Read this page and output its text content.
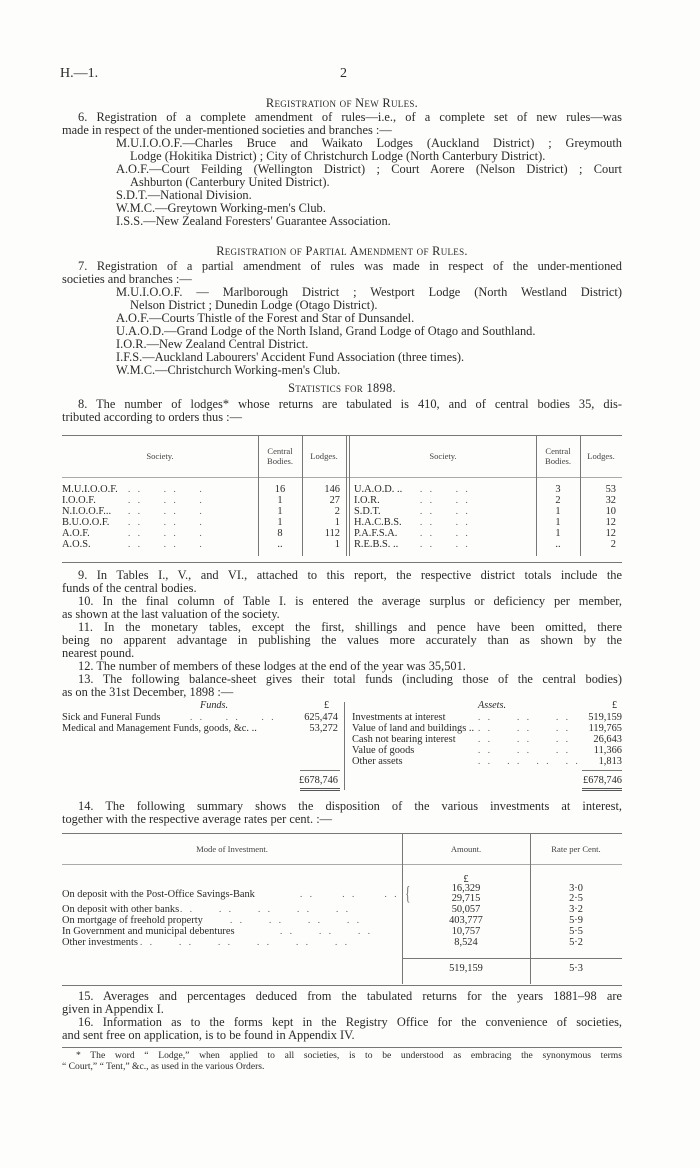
H.—1.	2
Registration of New Rules.
6. Registration of a complete amendment of rules—i.e., of a complete set of new rules—was
made in respect of the under-mentioned societies and branches :—
M.U.I.O.O.F.—Charles Bruce and Waikato Lodges (Auckland District) ; Greymouth
Lodge (Hokitika District) ; City of Christchurch Lodge (North Canterbury District).
A.O.F.—Court Feilding (Wellington District) ; Court Aorere (Nelson District) ; Court
Ashburton (Canterbury United District).
S.D.T.—National Division.
W.M.C.—Greytown Working-men's Club.
I.S.S.—New Zealand Foresters' Guarantee Association.
Registration of Partial Amendment of Rules.
7. Registration of a partial amendment of rules was made in respect of the under-mentioned
societies and branches :—
M.U.I.O.O.F. — Marlborough District ; Westport Lodge (North Westland District)
Nelson District ; Dunedin Lodge (Otago District).
A.O.F.—Courts Thistle of the Forest and Star of Dunsandel.
U.A.O.D.—Grand Lodge of the North Island, Grand Lodge of Otago and Southland.
I.O.R.—New Zealand Central District.
I.F.S.—Auckland Labourers' Accident Fund Association (three times).
W.M.C.—Christchurch Working-men's Club.
Statistics for 1898.
8. The number of lodges* whose returns are tabulated is 410, and of central bodies 35, dis-
tributed according to orders thus :—
Society.	Central
Bodies.	Lodges.	Society.	Central
Bodies.	Lodges.
M.U.I.O.O.F. .  .       .  .       .	16	146 U.A.O.D. .. .  .       .  .	3	53
I.O.O.F.	.  .       .  .       .	1	27 I.O.R.	.  .       .  .	2	32
N.I.O.O.F... .  .       .  .       .	1	2 S.D.T.	.  .       .  .	1	10
B.U.O.O.F. .  .       .  .       .	1	1 H.A.C.B.S. .  .       .  .	1	12
A.O.F.	.  .       .  .       .	8	112 P.A.F.S.A.	.  .       .  .	1	12
A.O.S.	.  .       .  .       .	..	1 R.E.B.S. .. .  .       .  .	..	2
9. In Tables I., V., and VI., attached to this report, the respective district totals include the
funds of the central bodies.
10. In the final column of Table I. is entered the average surplus or deficiency per member,
as shown at the last valuation of the society.
11. In the monetary tables, except the first, shillings and pence have been omitted, there
being no apparent advantage in publishing the values more accurately than as shown by the
nearest pound.
12. The number of members of these lodges at the end of the year was 35,501.
13. The following balance-sheet gives their total funds (including those of the central bodies)
as on the 31st December, 1898 :—
Funds.	£	Assets.	£
Sick and Funeral Funds	.  .       .  .       .  .	625,474
Medical and Management Funds, goods, &c. ..	53,272
Investments at interest	.  .        .  .        .  .	519,159
Value of land and buildings .. .  .        .  .        .  .	119,765
Cash not bearing interest .  .        .  .        .  .	26,643
Value of goods	.  .        .  .        .  .	11,366
Other assets	.  .     .  .     .  .     .  .	1,813
£678,746	£678,746
14. The following summary shows the disposition of the various investments at interest,
together with the respective average rates per cent. :—
Mode of Investment.	Amount.	Rate per Cent.
£
{
On deposit with the Post-Office Savings-Bank	.  .         .  .         .  .	16,329	3·0
29,715	2·5
On deposit with other banks .  .        .  .        .  .        .  .        .  .	50,057	3·2
On mortgage of freehold property	.  .        .  .        .  .        .  .	403,777	5·9
In Government and municipal debentures	.  .        .  .        .  .	10,757	5·5
Other investments .  .        .  .        .  .        .  .        .  .        .  .	8,524	5·2
519,159	5·3
15. Averages and percentages deduced from the tabulated returns for the years 1881–98 are
given in Appendix I.
16. Information as to the forms kept in the Registry Office for the convenience of societies,
and sent free on application, is to be found in Appendix IV.
* The word “ Lodge,” when applied to all societies, is to be understood as embracing the synonymous terms
“ Court,” “ Tent,” &c., as used in the various Orders.
